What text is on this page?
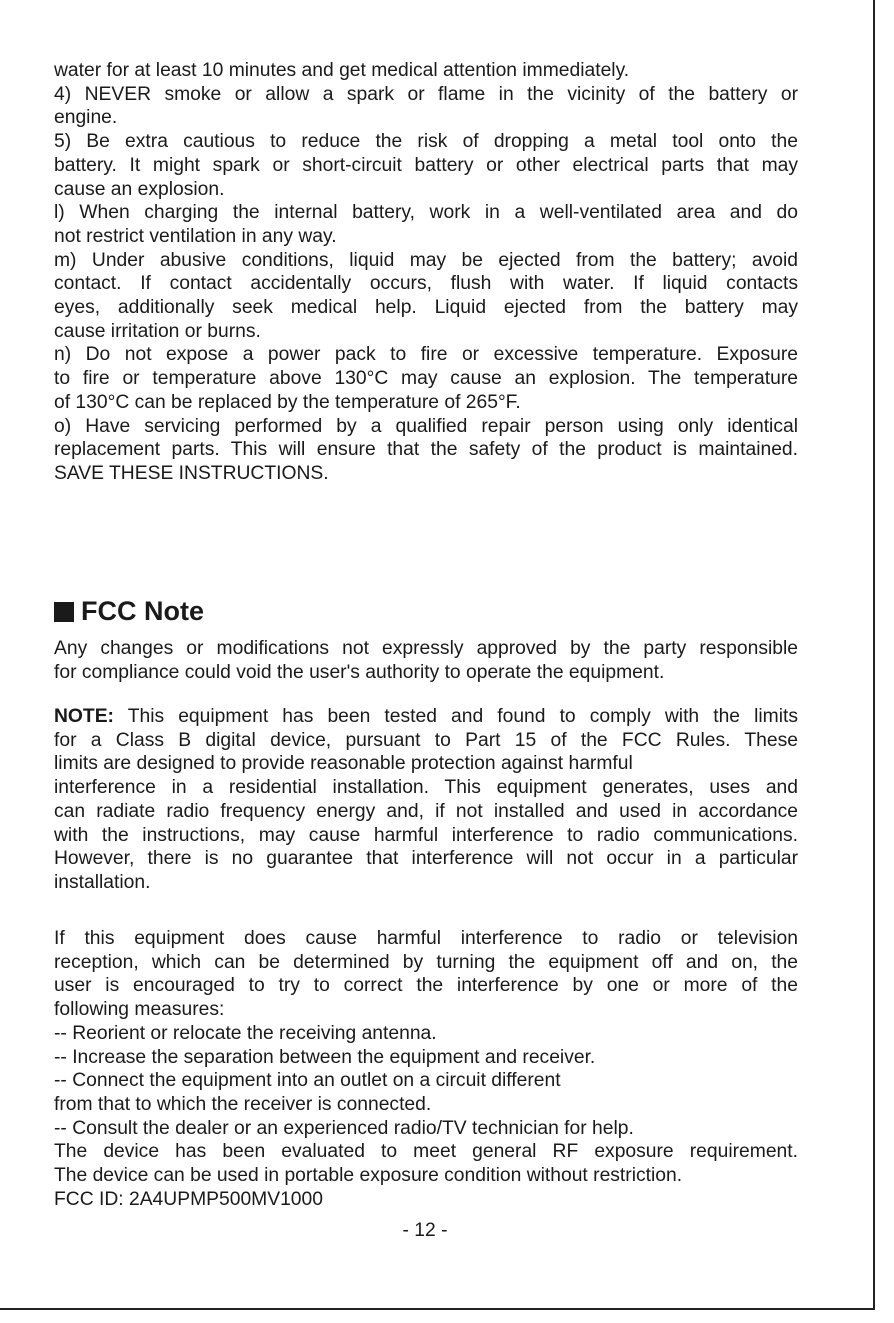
water for at least 10 minutes and get medical attention immediately.
4) NEVER smoke or allow a spark or flame in the vicinity of the battery or
engine.
5) Be extra cautious to reduce the risk of dropping a metal tool onto the
battery. It might spark or short-circuit battery or other electrical parts that may
cause an explosion.
l) When charging the internal battery, work in a well-ventilated area and do
not restrict ventilation in any way.
m) Under abusive conditions, liquid may be ejected from the battery; avoid
contact. If contact accidentally occurs, flush with water. If liquid contacts
eyes, additionally seek medical help. Liquid ejected from the battery may
cause irritation or burns.
n) Do not expose a power pack to fire or excessive temperature. Exposure
to fire or temperature above 130°C may cause an explosion. The temperature
of 130°C can be replaced by the temperature of 265°F.
o) Have servicing performed by a qualified repair person using only identical
replacement parts. This will ensure that the safety of the product is maintained.
SAVE THESE INSTRUCTIONS.
FCC Note
Any changes or modifications not expressly approved by the party responsible
for compliance could void the user's authority to operate the equipment.
NOTE: This equipment has been tested and found to comply with the limits
for a Class B digital device, pursuant to Part 15 of the FCC Rules. These
limits are designed to provide reasonable protection against harmful
interference in a residential installation. This equipment generates, uses and
can radiate radio frequency energy and, if not installed and used in accordance
with the instructions, may cause harmful interference to radio communications.
However, there is no guarantee that interference will not occur in a particular
installation.
If this equipment does cause harmful interference to radio or television
reception, which can be determined by turning the equipment off and on, the
user is encouraged to try to correct the interference by one or more of the
following measures:
-- Reorient or relocate the receiving antenna.
-- Increase the separation between the equipment and receiver.
-- Connect the equipment into an outlet on a circuit different
from that to which the receiver is connected.
-- Consult the dealer or an experienced radio/TV technician for help.
The device has been evaluated to meet general RF exposure requirement.
The device can be used in portable exposure condition without restriction.
FCC ID: 2A4UPMP500MV1000
- 12 -
